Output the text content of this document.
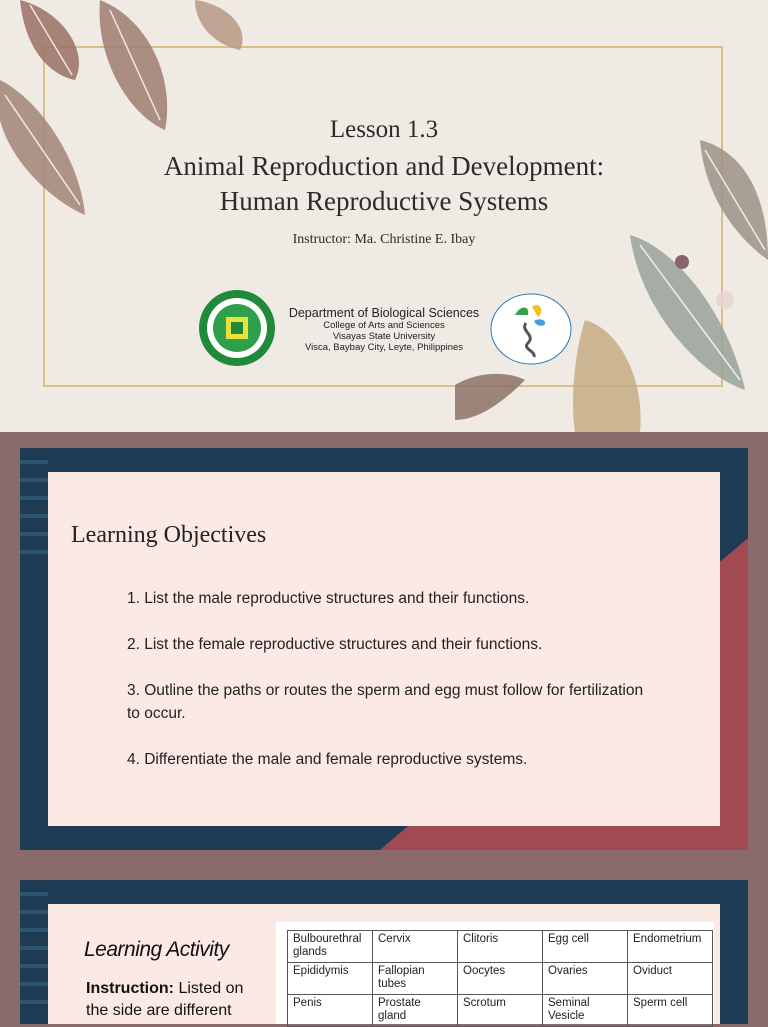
Lesson 1.3
Animal Reproduction and Development:
Human Reproductive Systems
Instructor: Ma. Christine E. Ibay
Department of Biological Sciences
College of Arts and Sciences
Visayas State University
Visca, Baybay City, Leyte, Philippines
Learning Objectives
1. List the male reproductive structures and their functions.
2. List the female reproductive structures and their functions.
3. Outline the paths or routes the sperm and egg must follow for fertilization to occur.
4. Differentiate the male and female reproductive systems.
Learning Activity
Instruction: Listed on the side are different
Bulbourethral glands	Cervix	Clitoris	Egg cell	Endometrium
Epididymis	Fallopian tubes	Oocytes	Ovaries	Oviduct
Penis	Prostate gland	Scrotum	Seminal Vesicle	Sperm cell
